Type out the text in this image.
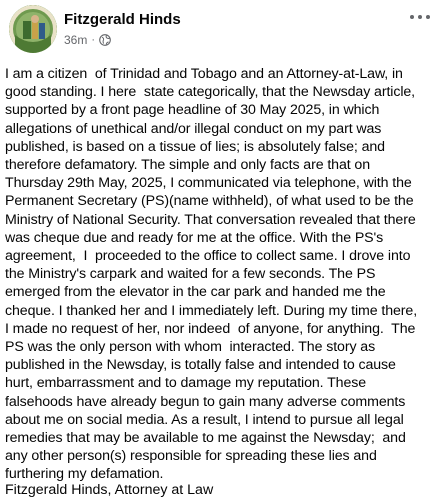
Fitzgerald Hinds
36m ·
I am a citizen  of Trinidad and Tobago and an Attorney-at-Law, in
good standing. I here  state categorically, that the Newsday article,
supported by a front page headline of 30 May 2025, in which
allegations of unethical and/or illegal conduct on my part was
published, is based on a tissue of lies; is absolutely false; and
therefore defamatory. The simple and only facts are that on
Thursday 29th May, 2025, I communicated via telephone, with the
Permanent Secretary (PS)(name withheld), of what used to be the
Ministry of National Security. That conversation revealed that there
was cheque due and ready for me at the office. With the PS's
agreement,  I  proceeded to the office to collect same. I drove into
the Ministry's carpark and waited for a few seconds. The PS
emerged from the elevator in the car park and handed me the
cheque. I thanked her and I immediately left. During my time there,
I made no request of her, nor indeed  of anyone, for anything.  The
PS was the only person with whom  interacted. The story as
published in the Newsday, is totally false and intended to cause
hurt, embarrassment and to damage my reputation. These
falsehoods have already begun to gain many adverse comments
about me on social media. As a result, I intend to pursue all legal
remedies that may be available to me against the Newsday;  and
any other person(s) responsible for spreading these lies and
furthering my defamation.
Fitzgerald Hinds, Attorney at Law
